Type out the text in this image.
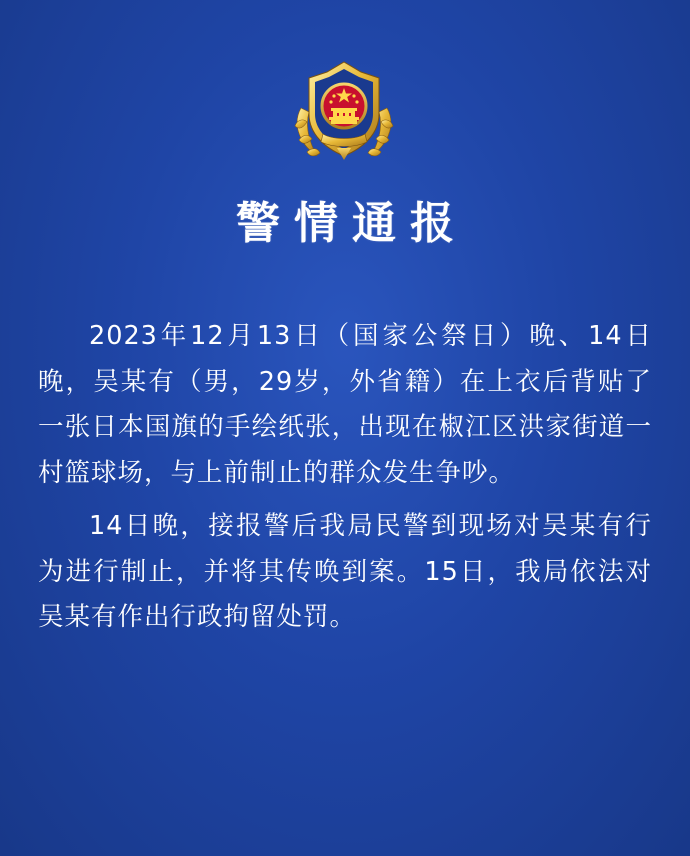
警情通报

2023年12月13日（国家公祭日）晚、14日晚，吴某有（男，29岁，外省籍）在上衣后背贴了一张日本国旗的手绘纸张，出现在椒江区洪家街道一村篮球场，与上前制止的群众发生争吵。

14日晚，接报警后我局民警到现场对吴某有行为进行制止，并将其传唤到案。15日，我局依法对吴某有作出行政拘留处罚。
